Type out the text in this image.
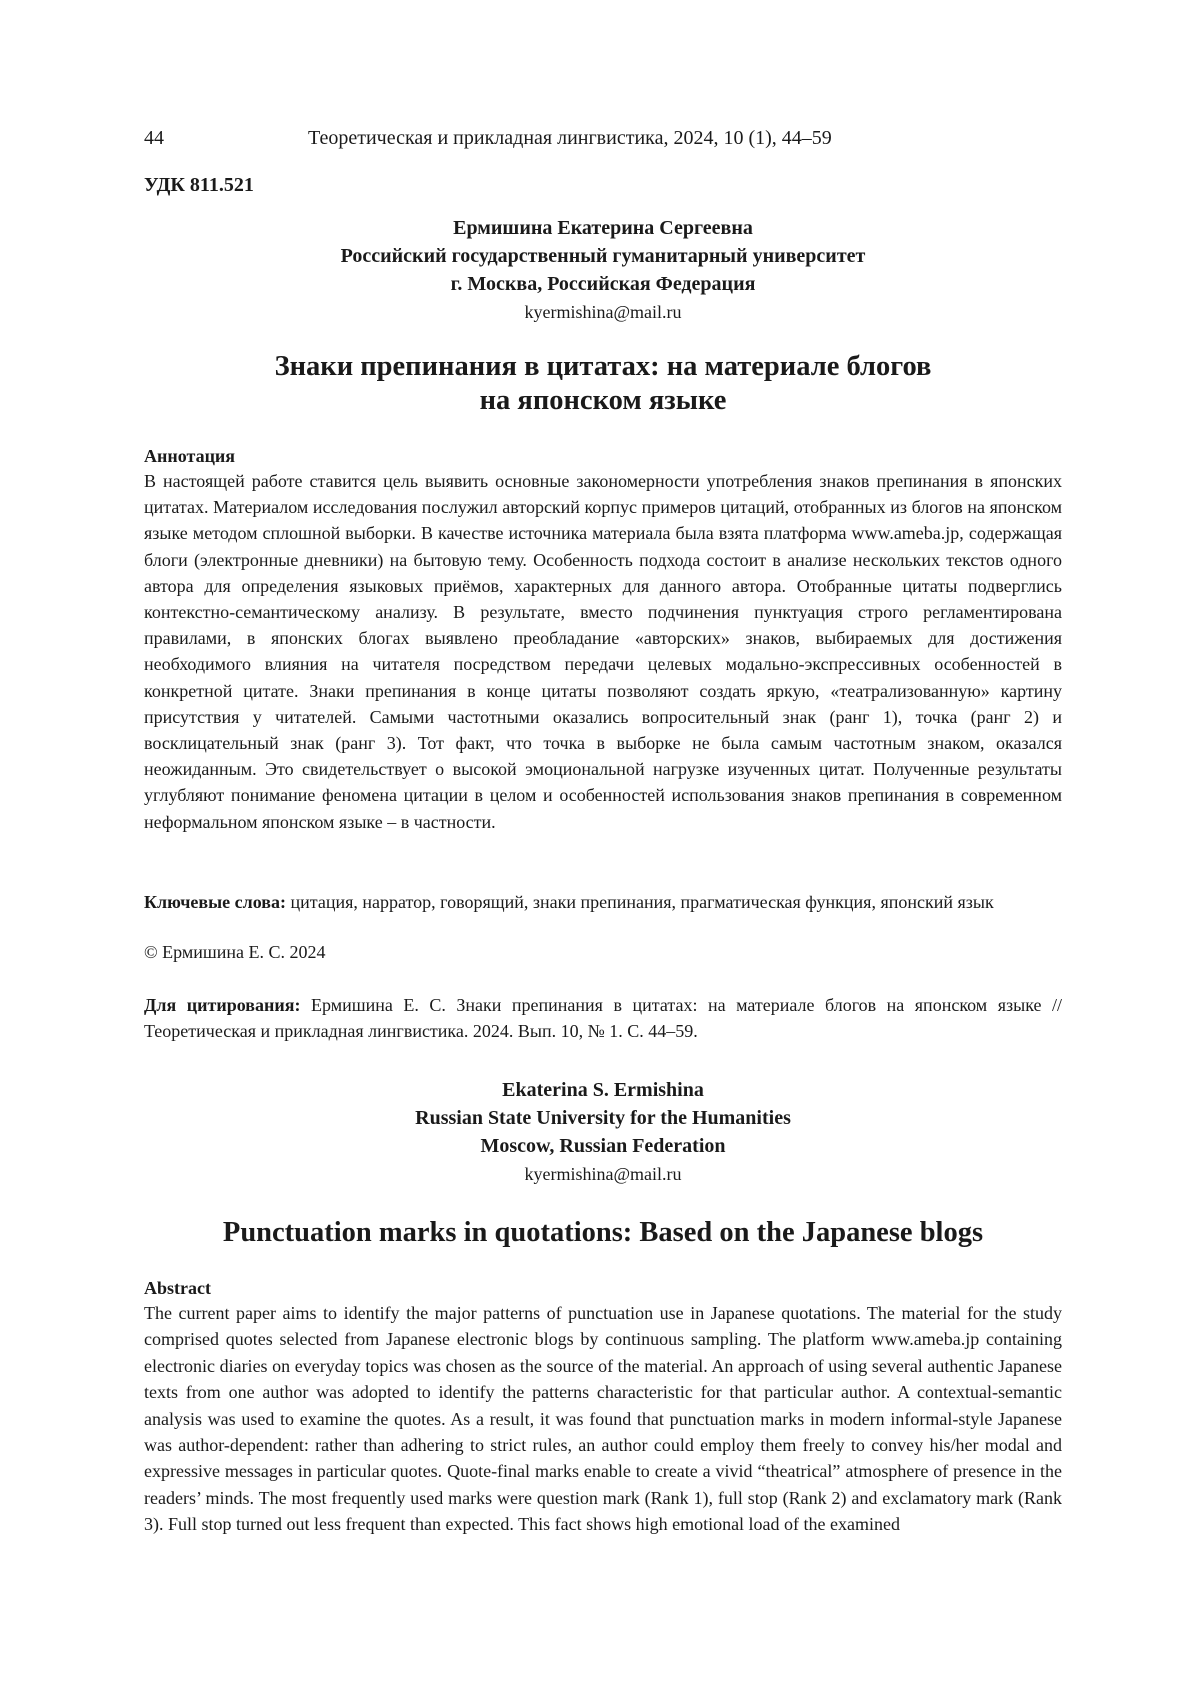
44	Теоретическая и прикладная лингвистика, 2024, 10 (1), 44–59
УДК 811.521
Ермишина Екатерина Сергеевна
Российский государственный гуманитарный университет
г. Москва, Российская Федерация
kyermishina@mail.ru
Знаки препинания в цитатах: на материале блогов
на японском языке
Аннотация

В настоящей работе ставится цель выявить основные закономерности употребления знаков препинания в японских цитатах. Материалом исследования послужил авторский корпус примеров цитаций, отобранных из блогов на японском языке методом сплошной выборки. В качестве источника материала была взята платформа www.ameba.jp, содержащая блоги (электронные дневники) на бытовую тему. Особенность подхода состоит в анализе нескольких текстов одного автора для определения языковых приёмов, характерных для данного автора. Отобранные цитаты подверглись контекстно-семантическому анализу. В результате, вместо подчинения пунктуация строго регламентирована правилами, в японских блогах выявлено преобладание «авторских» знаков, выбираемых для достижения необходимого влияния на читателя посредством передачи целевых модально-экспрессивных особенностей в конкретной цитате. Знаки препинания в конце цитаты позволяют создать яркую, «театрализованную» картину присутствия у читателей. Самыми частотными оказались вопросительный знак (ранг 1), точка (ранг 2) и восклицательный знак (ранг 3). Тот факт, что точка в выборке не была самым частотным знаком, оказался неожиданным. Это свидетельствует о высокой эмоциональной нагрузке изученных цитат. Полученные результаты углубляют понимание феномена цитации в целом и особенностей использования знаков препинания в современном неформальном японском языке – в частности.

Ключевые слова: цитация, нарратор, говорящий, знаки препинания, прагматическая функция, японский язык

© Ермишина Е. С. 2024

Для цитирования: Ермишина Е. С. Знаки препинания в цитатах: на материале блогов на японском языке // Теоретическая и прикладная лингвистика. 2024. Вып. 10, № 1. С. 44–59.

Ekaterina S. Ermishina
Russian State University for the Humanities
Moscow, Russian Federation
kyermishina@mail.ru
Punctuation marks in quotations: Based on the Japanese blogs
Abstract

The current paper aims to identify the major patterns of punctuation use in Japanese quotations. The material for the study comprised quotes selected from Japanese electronic blogs by continuous sampling. The platform www.ameba.jp containing electronic diaries on everyday topics was chosen as the source of the material. An approach of using several authentic Japanese texts from one author was adopted to identify the patterns characteristic for that particular author. A contextual-semantic analysis was used to examine the quotes. As a result, it was found that punctuation marks in modern informal-style Japanese was author-dependent: rather than adhering to strict rules, an author could employ them freely to convey his/her modal and expressive messages in particular quotes. Quote-final marks enable to create a vivid “theatrical” atmosphere of presence in the readers’ minds. The most frequently used marks were question mark (Rank 1), full stop (Rank 2) and exclamatory mark (Rank 3). Full stop turned out less frequent than expected. This fact shows high emotional load of the examined
